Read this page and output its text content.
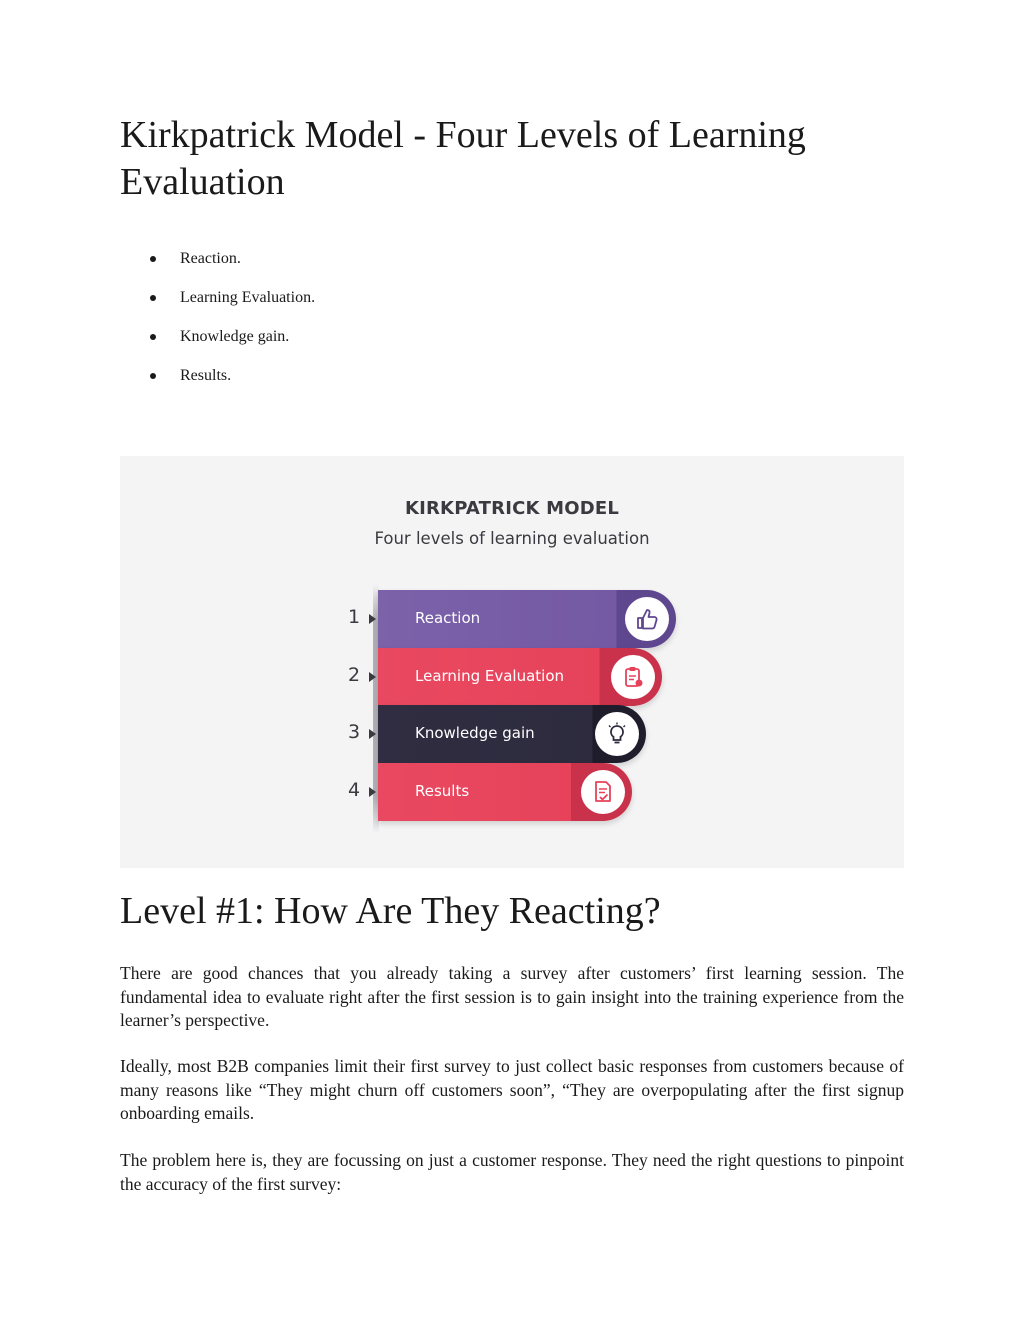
Kirkpatrick Model - Four Levels of Learning Evaluation
Reaction.
Learning Evaluation.
Knowledge gain.
Results.
KIRKPATRICK MODEL
Four levels of learning evaluation
1	Reaction
2	Learning Evaluation
3	Knowledge gain
4	Results
Level #1: How Are They Reacting?

There are good chances that you already taking a survey after customers’ first learning session. The fundamental idea to evaluate right after the first session is to gain insight into the training experience from the learner’s perspective.

Ideally, most B2B companies limit their first survey to just collect basic responses from customers because of many reasons like “They might churn off customers soon”, “They are overpopulating after the first signup onboarding emails.

The problem here is, they are focussing on just a customer response. They need the right questions to pinpoint the accuracy of the first survey:
